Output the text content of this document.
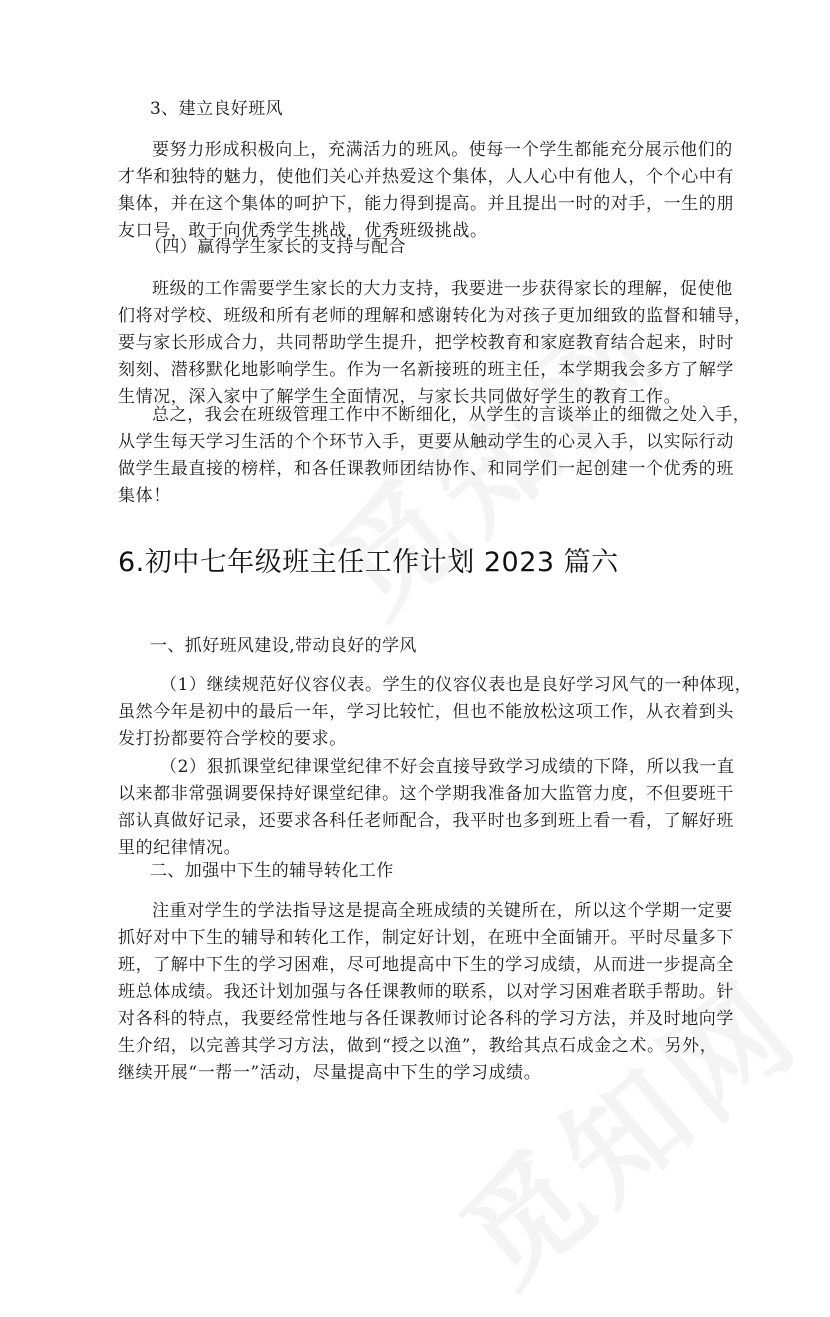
3、建立良好班风
要努力形成积极向上，充满活力的班风。使每一个学生都能充分展示他们的
才华和独特的魅力，使他们关心并热爱这个集体，人人心中有他人，个个心中有
集体，并在这个集体的呵护下，能力得到提高。并且提出一时的对手，一生的朋
友口号，敢于向优秀学生挑战，优秀班级挑战。
（四）赢得学生家长的支持与配合
班级的工作需要学生家长的大力支持，我要进一步获得家长的理解，促使他
们将对学校、班级和所有老师的理解和感谢转化为对孩子更加细致的监督和辅导，
要与家长形成合力，共同帮助学生提升，把学校教育和家庭教育结合起来，时时
刻刻、潜移默化地影响学生。作为一名新接班的班主任，本学期我会多方了解学
生情况，深入家中了解学生全面情况，与家长共同做好学生的教育工作。
总之，我会在班级管理工作中不断细化，从学生的言谈举止的细微之处入手，
从学生每天学习生活的个个环节入手，更要从触动学生的心灵入手，以实际行动
做学生最直接的榜样，和各任课教师团结协作、和同学们一起创建一个优秀的班
集体！
6.初中七年级班主任工作计划 2023 篇六
一、抓好班风建设,带动良好的学风
（1）继续规范好仪容仪表。学生的仪容仪表也是良好学习风气的一种体现，
虽然今年是初中的最后一年，学习比较忙，但也不能放松这项工作，从衣着到头
发打扮都要符合学校的要求。
（2）狠抓课堂纪律课堂纪律不好会直接导致学习成绩的下降，所以我一直
以来都非常强调要保持好课堂纪律。这个学期我准备加大监管力度，不但要班干
部认真做好记录，还要求各科任老师配合，我平时也多到班上看一看，了解好班
里的纪律情况。
二、加强中下生的辅导转化工作
注重对学生的学法指导这是提高全班成绩的关键所在，所以这个学期一定要
抓好对中下生的辅导和转化工作，制定好计划，在班中全面铺开。平时尽量多下
班，了解中下生的学习困难，尽可地提高中下生的学习成绩，从而进一步提高全
班总体成绩。我还计划加强与各任课教师的联系，以对学习困难者联手帮助。针
对各科的特点，我要经常性地与各任课教师讨论各科的学习方法，并及时地向学
生介绍，以完善其学习方法，做到“授之以渔”，教给其点石成金之术。另外，
继续开展“一帮一”活动，尽量提高中下生的学习成绩。
